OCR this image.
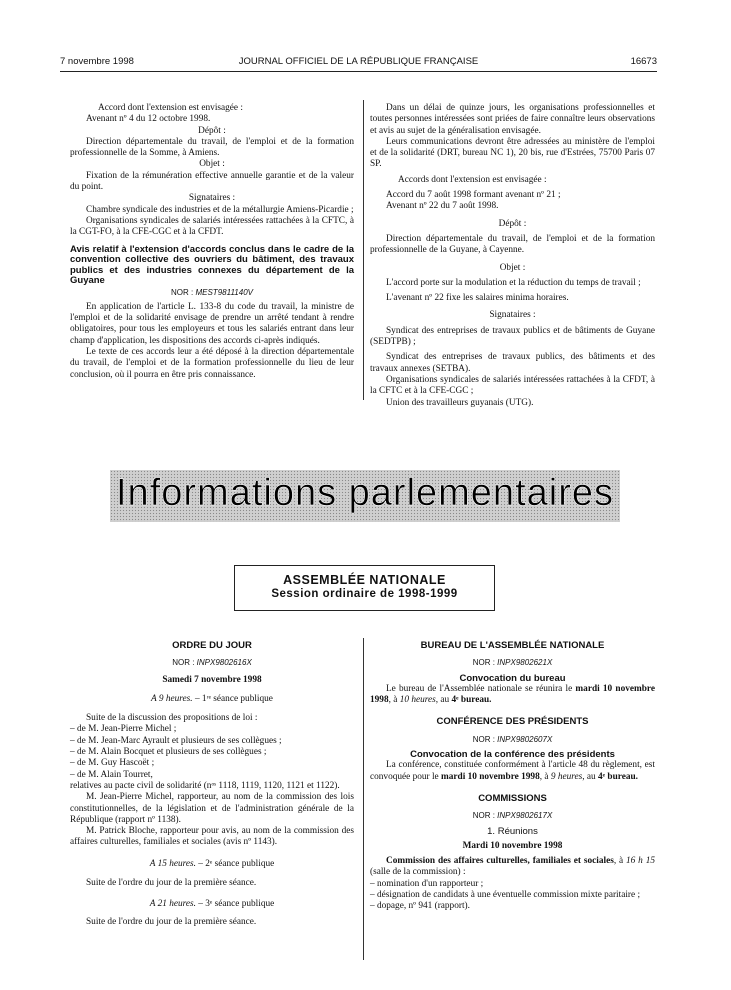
7 novembre 1998	JOURNAL OFFICIEL DE LA RÉPUBLIQUE FRANÇAISE	16673

Accord dont l'extension est envisagée :

Avenant nº 4 du 12 octobre 1998.

Dépôt :

Direction départementale du travail, de l'emploi et de la formation professionnelle de la Somme, à Amiens.

Objet :

Fixation de la rémunération effective annuelle garantie et de la valeur du point.

Signataires :

Chambre syndicale des industries et de la métallurgie Amiens-Picardie ;

Organisations syndicales de salariés intéressées rattachées à la CFTC, à la CGT-FO, à la CFE-CGC et à la CFDT.

Avis relatif à l'extension d'accords conclus dans le cadre de la convention collective des ouvriers du bâtiment, des travaux publics et des industries connexes du département de la Guyane

NOR : MEST9811140V

En application de l'article L. 133-8 du code du travail, la ministre de l'emploi et de la solidarité envisage de prendre un arrêté tendant à rendre obligatoires, pour tous les employeurs et tous les salariés entrant dans leur champ d'application, les dispositions des accords ci-après indiqués.

Le texte de ces accords leur a été déposé à la direction départementale du travail, de l'emploi et de la formation professionnelle du lieu de leur conclusion, où il pourra en être pris connaissance.

Dans un délai de quinze jours, les organisations professionnelles et toutes personnes intéressées sont priées de faire connaître leurs observations et avis au sujet de la généralisation envisagée.

Leurs communications devront être adressées au ministère de l'emploi et de la solidarité (DRT, bureau NC 1), 20 bis, rue d'Estrées, 75700 Paris 07 SP.

Accords dont l'extension est envisagée :

Accord du 7 août 1998 formant avenant nº 21 ;

Avenant nº 22 du 7 août 1998.

Dépôt :

Direction départementale du travail, de l'emploi et de la formation professionnelle de la Guyane, à Cayenne.

Objet :

L'accord porte sur la modulation et la réduction du temps de travail ;

L'avenant nº 22 fixe les salaires minima horaires.

Signataires :

Syndicat des entreprises de travaux publics et de bâtiments de Guyane (SEDTPB) ;

Syndicat des entreprises de travaux publics, des bâtiments et des travaux annexes (SETBA).

Organisations syndicales de salariés intéressées rattachées à la CFDT, à la CFTC et à la CFE-CGC ;

Union des travailleurs guyanais (UTG).

Informations parlementaires
ASSEMBLÉE NATIONALE
Session ordinaire de 1998-1999

ORDRE DU JOUR

NOR : INPX9802616X

Samedi 7 novembre 1998

A 9 heures. – 1ʳᵉ séance publique

Suite de la discussion des propositions de loi :

– de M. Jean-Pierre Michel ;

– de M. Jean-Marc Ayrault et plusieurs de ses collègues ;

– de M. Alain Bocquet et plusieurs de ses collègues ;

– de M. Guy Hascoët ;

– de M. Alain Tourret,

relatives au pacte civil de solidarité (nᵒˢ 1118, 1119, 1120, 1121 et 1122).

M. Jean-Pierre Michel, rapporteur, au nom de la commission des lois constitutionnelles, de la législation et de l'administration générale de la République (rapport nº 1138).

M. Patrick Bloche, rapporteur pour avis, au nom de la commission des affaires culturelles, familiales et sociales (avis nº 1143).

A 15 heures. – 2ᵉ séance publique

Suite de l'ordre du jour de la première séance.

A 21 heures. – 3ᵉ séance publique

Suite de l'ordre du jour de la première séance.

BUREAU DE L'ASSEMBLÉE NATIONALE

NOR : INPX9802621X

Convocation du bureau

Le bureau de l'Assemblée nationale se réunira le mardi 10 novembre 1998, à 10 heures, au 4ᵉ bureau.

CONFÉRENCE DES PRÉSIDENTS

NOR : INPX9802607X

Convocation de la conférence des présidents

La conférence, constituée conformément à l'article 48 du règlement, est convoquée pour le mardi 10 novembre 1998, à 9 heures, au 4ᵉ bureau.

COMMISSIONS

NOR : INPX9802617X

1. Réunions

Mardi 10 novembre 1998

Commission des affaires culturelles, familiales et sociales, à 16 h 15 (salle de la commission) :

– nomination d'un rapporteur ;

– désignation de candidats à une éventuelle commission mixte paritaire ;

– dopage, nº 941 (rapport).
